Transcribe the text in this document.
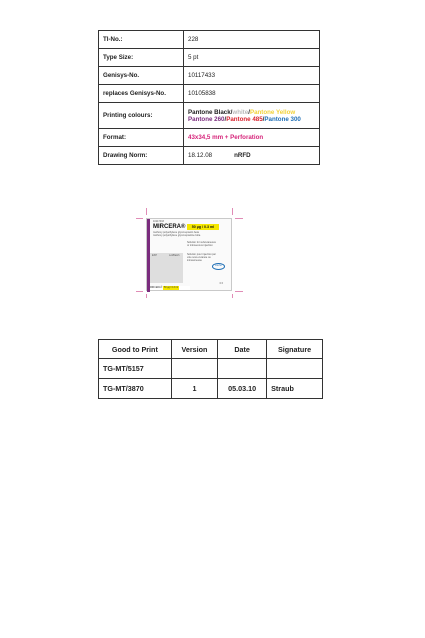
TI-No.:	228
Type Size:	5 pt
Genisys-No.	10117433
replaces Genisys-No.	10105838
Printing colours:	Pantone Black/white/Pantone Yellow
Pantone 260/Pantone 485/Pantone 300
Format:	43x34,5 mm + Perforation
Drawing Norm:	18.12.08 nRFD
10117433
MIRCERA®	50 µg / 0.3 ml
methoxy polyethylene glycol-epoetin beta
méthoxy polyéthylène glycol-époétine bêta
Solution for subcutaneous
or intravenous injection
EXP	Lot/Batch	Solution pour injection par
voie sous-cutanée ou
intraveineuse
Roche
0 6
MIRCERA® 50 µg / 0.3 ml
Good to Print	Version	Date	Signature
TG-MT/5157			
TG-MT/3870	1	05.03.10	Straub
